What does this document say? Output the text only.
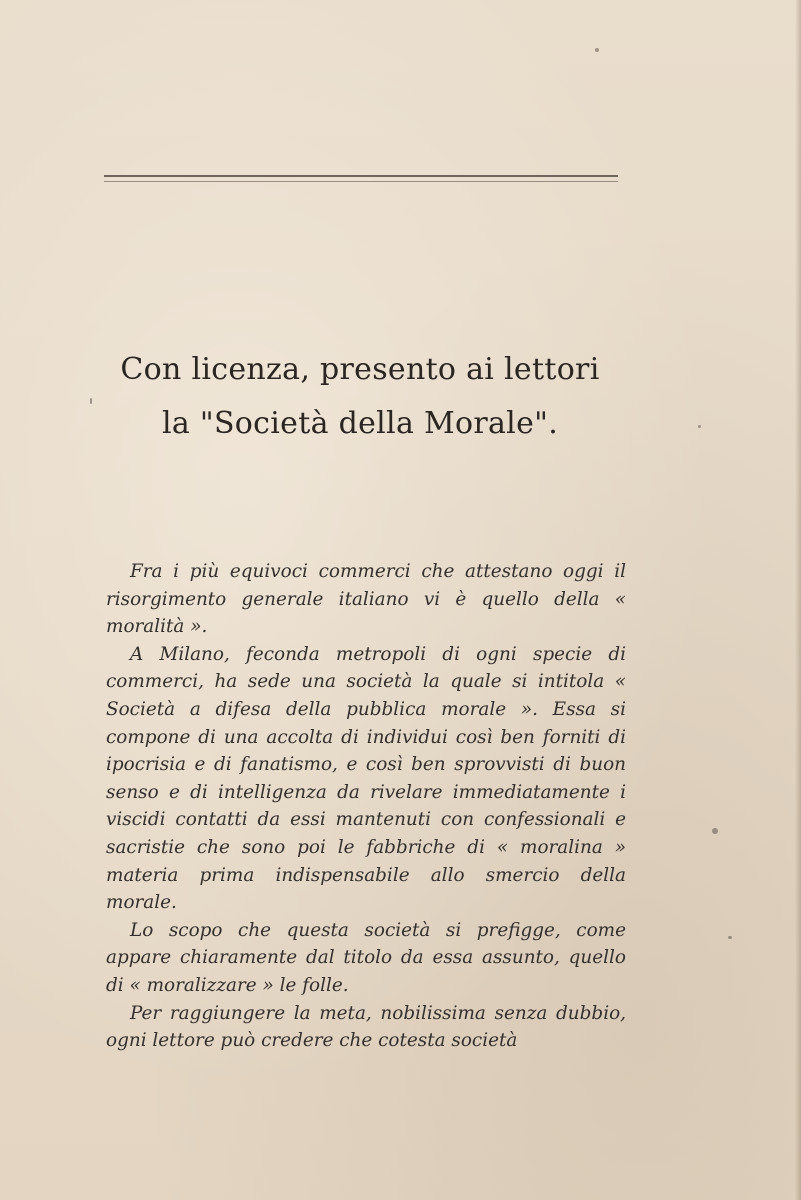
Con licenza, presento ai lettori
la "Società della Morale".

Fra i più equivoci commerci che attestano oggi il risorgimento generale italiano vi è quello della « moralità ».

A Milano, feconda metropoli di ogni specie di commerci, ha sede una società la quale si intitola « Società a difesa della pubblica morale ». Essa si compone di una accolta di individui così ben forniti di ipocrisia e di fanatismo, e così ben sprovvisti di buon senso e di intelligenza da rivelare immediatamente i viscidi contatti da essi mantenuti con confessionali e sacristie che sono poi le fabbriche di « moralina » materia prima indispensabile allo smercio della morale.

Lo scopo che questa società si prefigge, come appare chiaramente dal titolo da essa assunto, quello di « moralizzare » le folle.

Per raggiungere la meta, nobilissima senza dubbio, ogni lettore può credere che cotesta società
